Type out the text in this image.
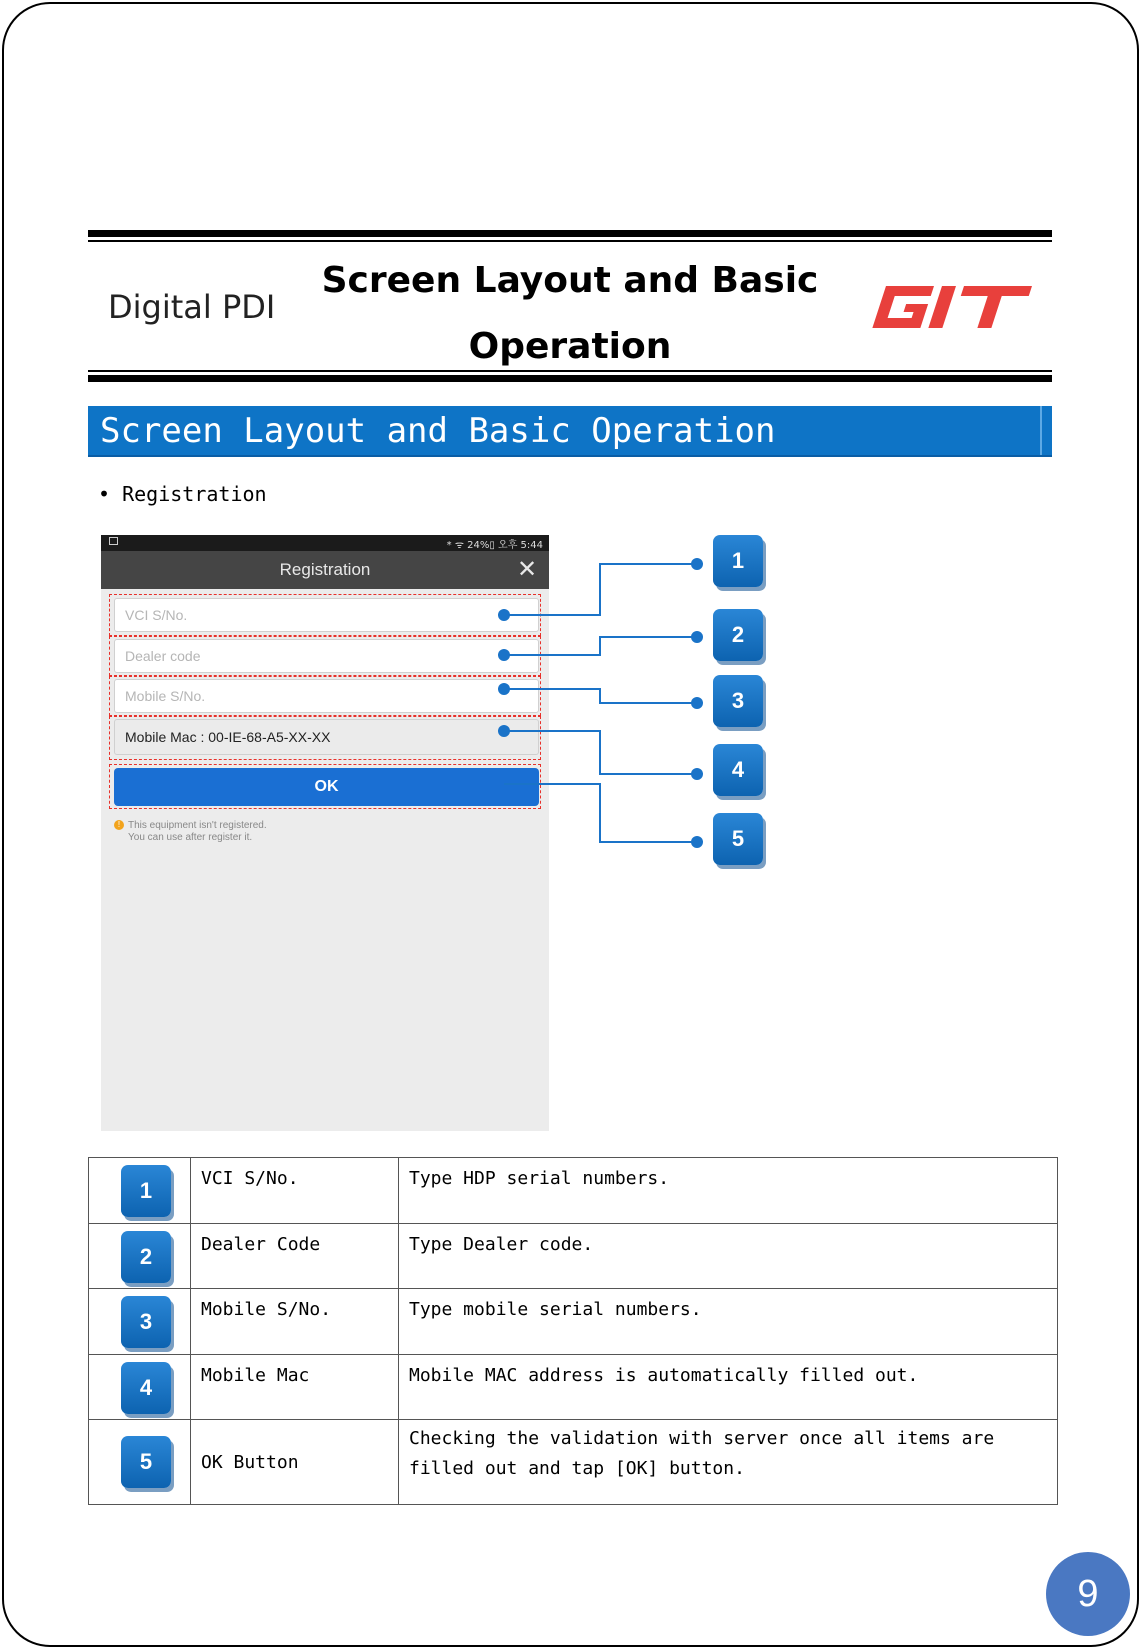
Digital PDI
Screen Layout and Basic
Operation
Screen Layout and Basic Operation
• Registration
* ᯤ 24%▯ 오후 5:44
Registration	✕
VCI S/No.
Dealer code
Mobile S/No.
Mobile Mac : 00-IE-68-A5-XX-XX
OK
! This equipment isn't registered.
You can use after register it.
1
2
3
4
5
1	VCI S/No.	Type HDP serial numbers.

2	Dealer Code	Type Dealer code.

3	Mobile S/No.	Type mobile serial numbers.

4	Mobile Mac	Mobile MAC address is automatically filled out.

5	OK Button	Checking the validation with server once all items are filled out and tap [OK] button.
9
